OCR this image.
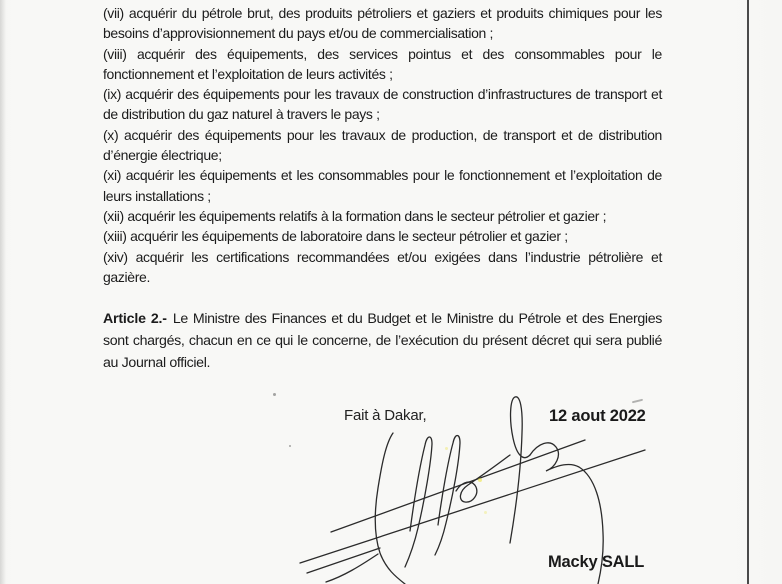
(vii) acquérir du pétrole brut, des produits pétroliers et gaziers et produits chimiques pour les besoins d’approvisionnement du pays et/ou de commercialisation ;

(viii) acquérir des équipements, des services pointus et des consommables pour le fonctionnement et l’exploitation de leurs activités ;

(ix) acquérir des équipements pour les travaux de construction d’infrastructures de transport et de distribution du gaz naturel à travers le pays ;

(x) acquérir des équipements pour les travaux de production, de transport et de distribution d’énergie électrique;

(xi) acquérir les équipements et les consommables pour le fonctionnement et l’exploitation de leurs installations ;

(xii) acquérir les équipements relatifs à la formation dans le secteur pétrolier et gazier ;

(xiii) acquérir les équipements de laboratoire dans le secteur pétrolier et gazier ;

(xiv) acquérir les certifications recommandées et/ou exigées dans l’industrie pétrolière et gazière.

Article 2.- Le Ministre des Finances et du Budget et le Ministre du Pétrole et des Energies sont chargés, chacun en ce qui le concerne, de l’exécution du présent décret qui sera publié au Journal officiel.

Fait à Dakar,	12 aout 2022
Macky SALL
